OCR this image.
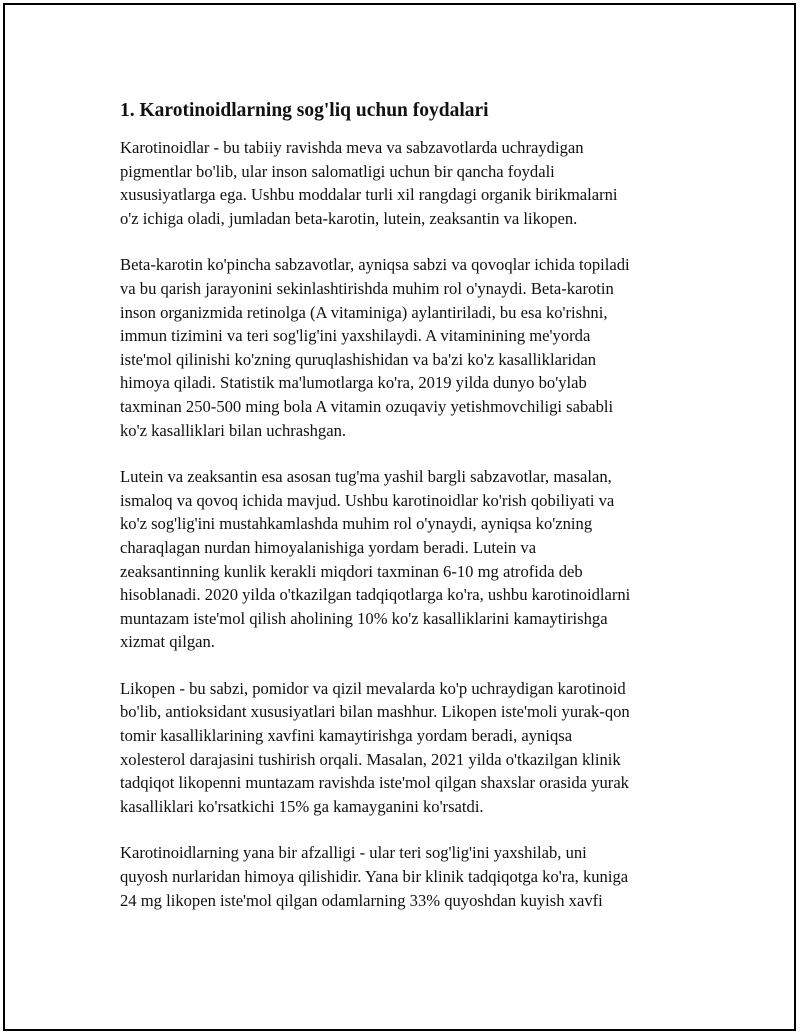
1. Karotinoidlarning sog'liq uchun foydalari
Karotinoidlar - bu tabiiy ravishda meva va sabzavotlarda uchraydigan
pigmentlar bo'lib, ular inson salomatligi uchun bir qancha foydali
xususiyatlarga ega. Ushbu moddalar turli xil rangdagi organik birikmalarni
o'z ichiga oladi, jumladan beta-karotin, lutein, zeaksantin va likopen.
Beta-karotin ko'pincha sabzavotlar, ayniqsa sabzi va qovoqlar ichida topiladi
va bu qarish jarayonini sekinlashtirishda muhim rol o'ynaydi. Beta-karotin
inson organizmida retinolga (A vitaminiga) aylantiriladi, bu esa ko'rishni,
immun tizimini va teri sog'lig'ini yaxshilaydi. A vitaminining me'yorda
iste'mol qilinishi ko'zning quruqlashishidan va ba'zi ko'z kasalliklaridan
himoya qiladi. Statistik ma'lumotlarga ko'ra, 2019 yilda dunyo bo'ylab
taxminan 250-500 ming bola A vitamin ozuqaviy yetishmovchiligi sababli
ko'z kasalliklari bilan uchrashgan.
Lutein va zeaksantin esa asosan tug'ma yashil bargli sabzavotlar, masalan,
ismaloq va qovoq ichida mavjud. Ushbu karotinoidlar ko'rish qobiliyati va
ko'z sog'lig'ini mustahkamlashda muhim rol o'ynaydi, ayniqsa ko'zning
charaqlagan nurdan himoyalanishiga yordam beradi. Lutein va
zeaksantinning kunlik kerakli miqdori taxminan 6-10 mg atrofida deb
hisoblanadi. 2020 yilda o'tkazilgan tadqiqotlarga ko'ra, ushbu karotinoidlarni
muntazam iste'mol qilish aholining 10% ko'z kasalliklarini kamaytirishga
xizmat qilgan.
Likopen - bu sabzi, pomidor va qizil mevalarda ko'p uchraydigan karotinoid
bo'lib, antioksidant xususiyatlari bilan mashhur. Likopen iste'moli yurak-qon
tomir kasalliklarining xavfini kamaytirishga yordam beradi, ayniqsa
xolesterol darajasini tushirish orqali. Masalan, 2021 yilda o'tkazilgan klinik
tadqiqot likopenni muntazam ravishda iste'mol qilgan shaxslar orasida yurak
kasalliklari ko'rsatkichi 15% ga kamayganini ko'rsatdi.
Karotinoidlarning yana bir afzalligi - ular teri sog'lig'ini yaxshilab, uni
quyosh nurlaridan himoya qilishidir. Yana bir klinik tadqiqotga ko'ra, kuniga
24 mg likopen iste'mol qilgan odamlarning 33% quyoshdan kuyish xavfi
